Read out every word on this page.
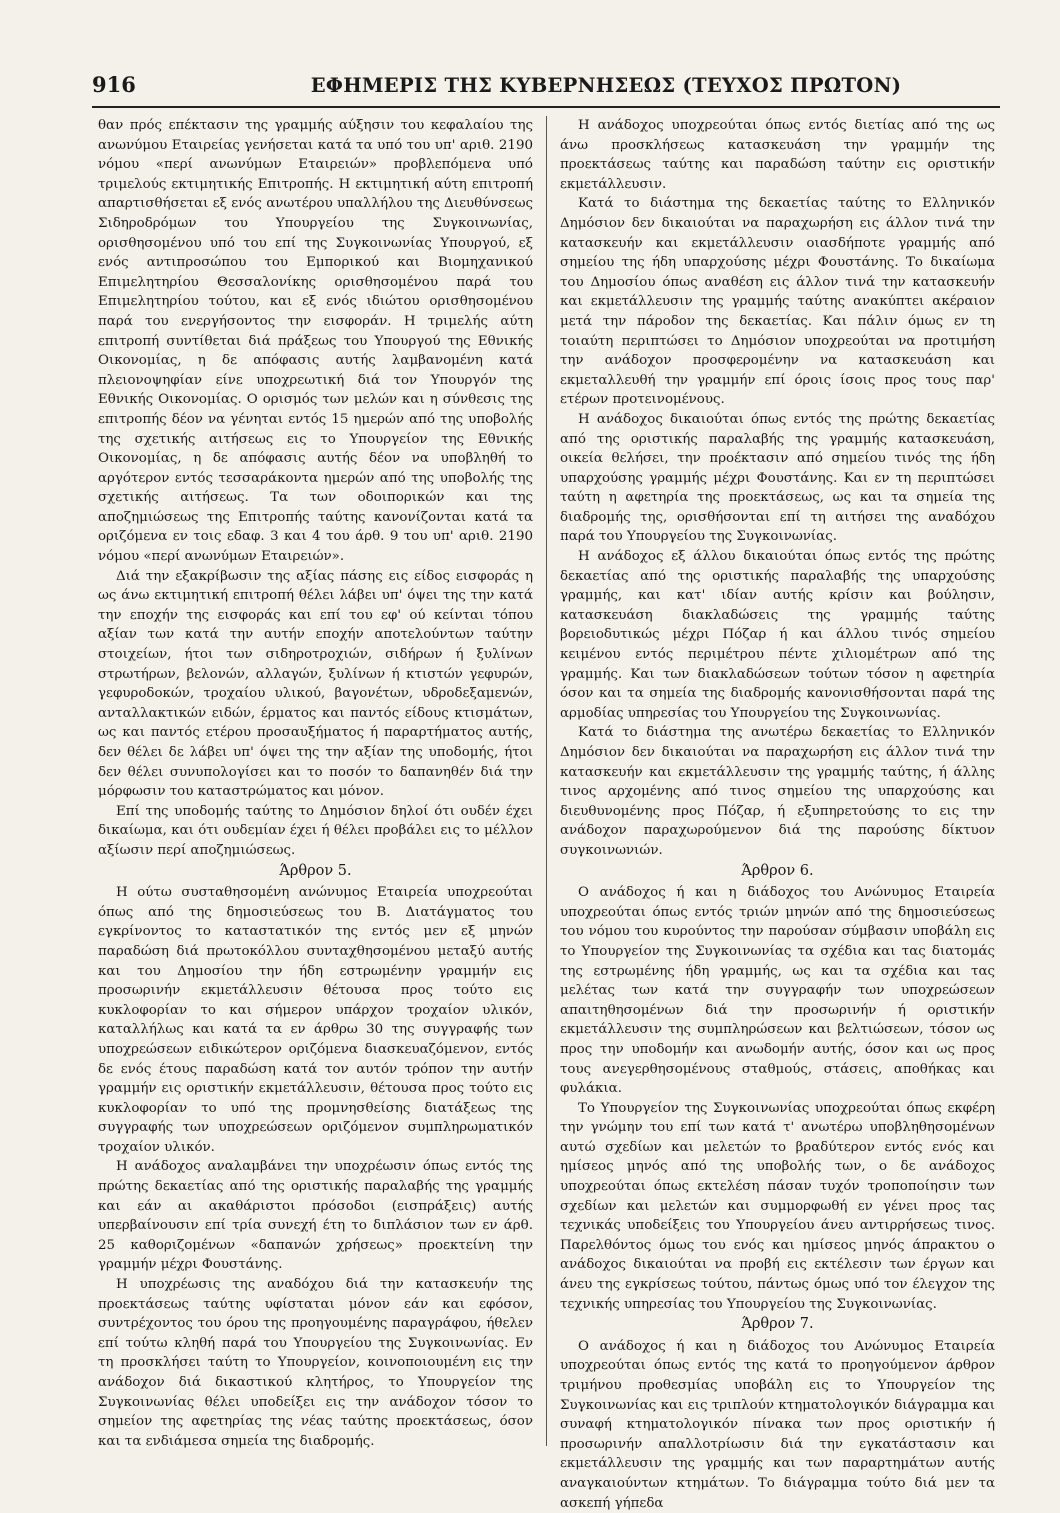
916	ΕΦΗΜΕΡΙΣ ΤΗΣ ΚΥΒΕΡΝΗΣΕΩΣ (ΤΕΥΧΟΣ ΠΡΩΤΟΝ)

θαν πρός επέκτασιν της γραμμής αύξησιν του κεφαλαίου της ανωνύμου Εταιρείας γενήσεται κατά τα υπό του υπ' αριθ. 2190 νόμου «περί ανωνύμων Εταιρειών» προβλεπόμενα υπό τριμελούς εκτιμητικής Επιτροπής. Η εκτιμητική αύτη επιτροπή απαρτισθήσεται εξ ενός ανωτέρου υπαλλήλου της Διευθύνσεως Σιδηροδρόμων του Υπουργείου της Συγκοινωνίας, ορισθησομένου υπό του επί της Συγκοινωνίας Υπουργού, εξ ενός αντιπροσώπου του Εμπορικού και Βιομηχανικού Επιμελητηρίου Θεσσαλονίκης ορισθησομένου παρά του Επιμελητηρίου τούτου, και εξ ενός ιδιώτου ορισθησομένου παρά του ενεργήσοντος την εισφοράν. Η τριμελής αύτη επιτροπή συντίθεται διά πράξεως του Υπουργού της Εθνικής Οικονομίας, η δε απόφασις αυτής λαμβανομένη κατά πλειονοψηφίαν είνε υποχρεωτική διά τον Υπουργόν της Εθνικής Οικονομίας. Ο ορισμός των μελών και η σύνθεσις της επιτροπής δέον να γένηται εντός 15 ημερών από της υποβολής της σχετικής αιτήσεως εις το Υπουργείον της Εθνικής Οικονομίας, η δε απόφασις αυτής δέον να υποβληθή το αργότερον εντός τεσσαράκοντα ημερών από της υποβολής της σχετικής αιτήσεως. Τα των οδοιπορικών και της αποζημιώσεως της Επιτροπής ταύτης κανονίζονται κατά τα οριζόμενα εν τοις εδαφ. 3 και 4 του άρθ. 9 του υπ' αριθ. 2190 νόμου «περί ανωνύμων Εταιρειών».

Διά την εξακρίβωσιν της αξίας πάσης εις είδος εισφοράς η ως άνω εκτιμητική επιτροπή θέλει λάβει υπ' όψει της την κατά την εποχήν της εισφοράς και επί του εφ' ού κείνται τόπου αξίαν των κατά την αυτήν εποχήν αποτελούντων ταύτην στοιχείων, ήτοι των σιδηροτροχιών, σιδήρων ή ξυλίνων στρωτήρων, βελονών, αλλαγών, ξυλίνων ή κτιστών γεφυρών, γεφυροδοκών, τροχαίου υλικού, βαγονέτων, υδροδεξαμενών, ανταλλακτικών ειδών, έρματος και παντός είδους κτισμάτων, ως και παντός ετέρου προσαυξήματος ή παραρτήματος αυτής, δεν θέλει δε λάβει υπ' όψει της την αξίαν της υποδομής, ήτοι δεν θέλει συνυπολογίσει και το ποσόν το δαπανηθέν διά την μόρφωσιν του καταστρώματος και μόνον.

Επί της υποδομής ταύτης το Δημόσιον δηλοί ότι ουδέν έχει δικαίωμα, και ότι ουδεμίαν έχει ή θέλει προβάλει εις το μέλλον αξίωσιν περί αποζημιώσεως.

Άρθρον 5.

Η ούτω συσταθησομένη ανώνυμος Εταιρεία υποχρεούται όπως από της δημοσιεύσεως του Β. Διατάγματος του εγκρίνοντος το καταστατικόν της εντός μεν εξ μηνών παραδώση διά πρωτοκόλλου συνταχθησομένου μεταξύ αυτής και του Δημοσίου την ήδη εστρωμένην γραμμήν εις προσωρινήν εκμετάλλευσιν θέτουσα προς τούτο εις κυκλοφορίαν το και σήμερον υπάρχον τροχαίον υλικόν, καταλλήλως και κατά τα εν άρθρω 30 της συγγραφής των υποχρεώσεων ειδικώτερον οριζόμενα διασκευαζόμενον, εντός δε ενός έτους παραδώση κατά τον αυτόν τρόπον την αυτήν γραμμήν εις οριστικήν εκμετάλλευσιν, θέτουσα προς τούτο εις κυκλοφορίαν το υπό της προμνησθείσης διατάξεως της συγγραφής των υποχρεώσεων οριζόμενον συμπληρωματικόν τροχαίον υλικόν.

Η ανάδοχος αναλαμβάνει την υποχρέωσιν όπως εντός της πρώτης δεκαετίας από της οριστικής παραλαβής της γραμμής και εάν αι ακαθάριστοι πρόσοδοι (εισπράξεις) αυτής υπερβαίνουσιν επί τρία συνεχή έτη το διπλάσιον των εν άρθ. 25 καθοριζομένων «δαπανών χρήσεως» προεκτείνη την γραμμήν μέχρι Φουστάνης.

Η υποχρέωσις της αναδόχου διά την κατασκευήν της προεκτάσεως ταύτης υφίσταται μόνον εάν και εφόσον, συντρέχοντος του όρου της προηγουμένης παραγράφου, ήθελεν επί τούτω κληθή παρά του Υπουργείου της Συγκοινωνίας. Εν τη προσκλήσει ταύτη το Υπουργείον, κοινοποιουμένη εις την ανάδοχον διά δικαστικού κλητήρος, το Υπουργείον της Συγκοινωνίας θέλει υποδείξει εις την ανάδοχον τόσον το σημείον της αφετηρίας της νέας ταύτης προεκτάσεως, όσον και τα ενδιάμεσα σημεία της διαδρομής.

Η ανάδοχος υποχρεούται όπως εντός διετίας από της ως άνω προσκλήσεως κατασκευάση την γραμμήν της προεκτάσεως ταύτης και παραδώση ταύτην εις οριστικήν εκμετάλλευσιν.

Κατά το διάστημα της δεκαετίας ταύτης το Ελληνικόν Δημόσιον δεν δικαιούται να παραχωρήση εις άλλον τινά την κατασκευήν και εκμετάλλευσιν οιασδήποτε γραμμής από σημείου της ήδη υπαρχούσης μέχρι Φουστάνης. Το δικαίωμα του Δημοσίου όπως αναθέση εις άλλον τινά την κατασκευήν και εκμετάλλευσιν της γραμμής ταύτης ανακύπτει ακέραιον μετά την πάροδον της δεκαετίας. Και πάλιν όμως εν τη τοιαύτη περιπτώσει το Δημόσιον υποχρεούται να προτιμήση την ανάδοχον προσφερομένην να κατασκευάση και εκμεταλλευθή την γραμμήν επί όροις ίσοις προς τους παρ' ετέρων προτεινομένους.

Η ανάδοχος δικαιούται όπως εντός της πρώτης δεκαετίας από της οριστικής παραλαβής της γραμμής κατασκευάση, οικεία θελήσει, την προέκτασιν από σημείου τινός της ήδη υπαρχούσης γραμμής μέχρι Φουστάνης. Και εν τη περιπτώσει ταύτη η αφετηρία της προεκτάσεως, ως και τα σημεία της διαδρομής της, ορισθήσονται επί τη αιτήσει της αναδόχου παρά του Υπουργείου της Συγκοινωνίας.

Η ανάδοχος εξ άλλου δικαιούται όπως εντός της πρώτης δεκαετίας από της οριστικής παραλαβής της υπαρχούσης γραμμής, και κατ' ιδίαν αυτής κρίσιν και βούλησιν, κατασκευάση διακλαδώσεις της γραμμής ταύτης βορειοδυτικώς μέχρι Πόζαρ ή και άλλου τινός σημείου κειμένου εντός περιμέτρου πέντε χιλιομέτρων από της γραμμής. Και των διακλαδώσεων τούτων τόσον η αφετηρία όσον και τα σημεία της διαδρομής κανονισθήσονται παρά της αρμοδίας υπηρεσίας του Υπουργείου της Συγκοινωνίας.

Κατά το διάστημα της ανωτέρω δεκαετίας το Ελληνικόν Δημόσιον δεν δικαιούται να παραχωρήση εις άλλον τινά την κατασκευήν και εκμετάλλευσιν της γραμμής ταύτης, ή άλλης τινος αρχομένης από τινος σημείου της υπαρχούσης και διευθυνομένης προς Πόζαρ, ή εξυπηρετούσης το εις την ανάδοχον παραχωρούμενον διά της παρούσης δίκτυον συγκοινωνιών.

Άρθρον 6.

Ο ανάδοχος ή και η διάδοχος του Ανώνυμος Εταιρεία υποχρεούται όπως εντός τριών μηνών από της δημοσιεύσεως του νόμου του κυρούντος την παρούσαν σύμβασιν υποβάλη εις το Υπουργείον της Συγκοινωνίας τα σχέδια και τας διατομάς της εστρωμένης ήδη γραμμής, ως και τα σχέδια και τας μελέτας των κατά την συγγραφήν των υποχρεώσεων απαιτηθησομένων διά την προσωρινήν ή οριστικήν εκμετάλλευσιν της συμπληρώσεων και βελτιώσεων, τόσον ως προς την υποδομήν και ανωδομήν αυτής, όσον και ως προς τους ανεγερθησομένους σταθμούς, στάσεις, αποθήκας και φυλάκια.

Το Υπουργείον της Συγκοινωνίας υποχρεούται όπως εκφέρη την γνώμην του επί των κατά τ' ανωτέρω υποβληθησομένων αυτώ σχεδίων και μελετών το βραδύτερον εντός ενός και ημίσεος μηνός από της υποβολής των, ο δε ανάδοχος υποχρεούται όπως εκτελέση πάσαν τυχόν τροποποίησιν των σχεδίων και μελετών και συμμορφωθή εν γένει προς τας τεχνικάς υποδείξεις του Υπουργείου άνευ αντιρρήσεως τινος. Παρελθόντος όμως του ενός και ημίσεος μηνός άπρακτου ο ανάδοχος δικαιούται να προβή εις εκτέλεσιν των έργων και άνευ της εγκρίσεως τούτου, πάντως όμως υπό τον έλεγχον της τεχνικής υπηρεσίας του Υπουργείου της Συγκοινωνίας.

Άρθρον 7.

Ο ανάδοχος ή και η διάδοχος του Ανώνυμος Εταιρεία υποχρεούται όπως εντός της κατά το προηγούμενον άρθρον τριμήνου προθεσμίας υποβάλη εις το Υπουργείον της Συγκοινωνίας και εις τριπλούν κτηματολογικόν διάγραμμα και συναφή κτηματολογικόν πίνακα των προς οριστικήν ή προσωρινήν απαλλοτρίωσιν διά την εγκατάστασιν και εκμετάλλευσιν της γραμμής και των παραρτημάτων αυτής αναγκαιούντων κτημάτων. Το διάγραμμα τούτο διά μεν τα ασκεπή γήπεδα
